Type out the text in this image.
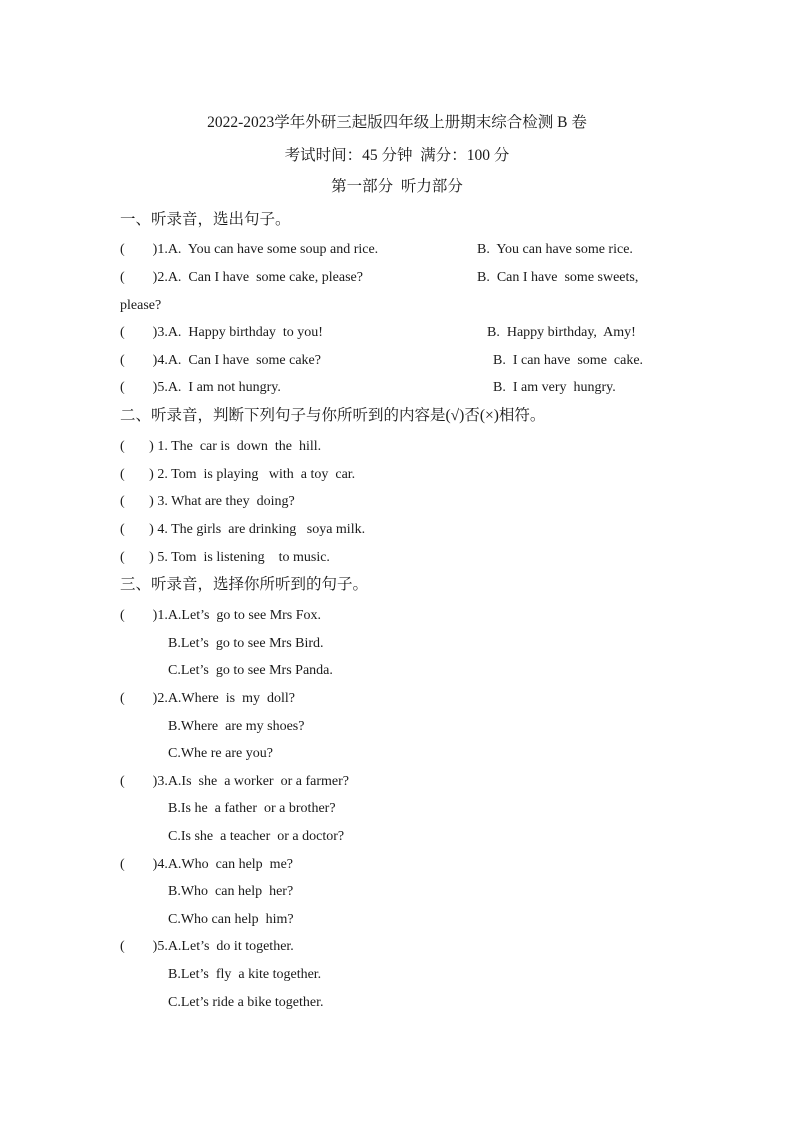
2022-2023学年外研三起版四年级上册期末综合检测 B 卷
考试时间：45 分钟  满分：100 分
第一部分  听力部分
一、听录音，选出句子。
(        )1.A.  You can have some soup and rice.	B.  You can have some rice.
(        )2.A.  Can I have  some cake, please?	B.  Can I have  some sweets,
please?
(        )3.A.  Happy birthday  to you!	B.  Happy birthday,  Amy!
(        )4.A.  Can I have  some cake?	B.  I can have  some  cake.
(        )5.A.  I am not hungry.	B.  I am very  hungry.
二、听录音，判断下列句子与你所听到的内容是(√)否(×)相符。
(       ) 1. The  car is  down  the  hill.
(       ) 2. Tom  is playing   with  a toy  car.
(       ) 3. What are they  doing?
(       ) 4. The girls  are drinking   soya milk.
(       ) 5. Tom  is listening    to music.
三、听录音，选择你所听到的句子。
(        )1.A.Let’s  go to see Mrs Fox.
B.Let’s  go to see Mrs Bird.
C.Let’s  go to see Mrs Panda.
(        )2.A.Where  is  my  doll?
B.Where  are my shoes?
C.Whe re are you?
(        )3.A.Is  she  a worker  or a farmer?
B.Is he  a father  or a brother?
C.Is she  a teacher  or a doctor?
(        )4.A.Who  can help  me?
B.Who  can help  her?
C.Who can help  him?
(        )5.A.Let’s  do it together.
B.Let’s  fly  a kite together.
C.Let’s ride a bike together.
